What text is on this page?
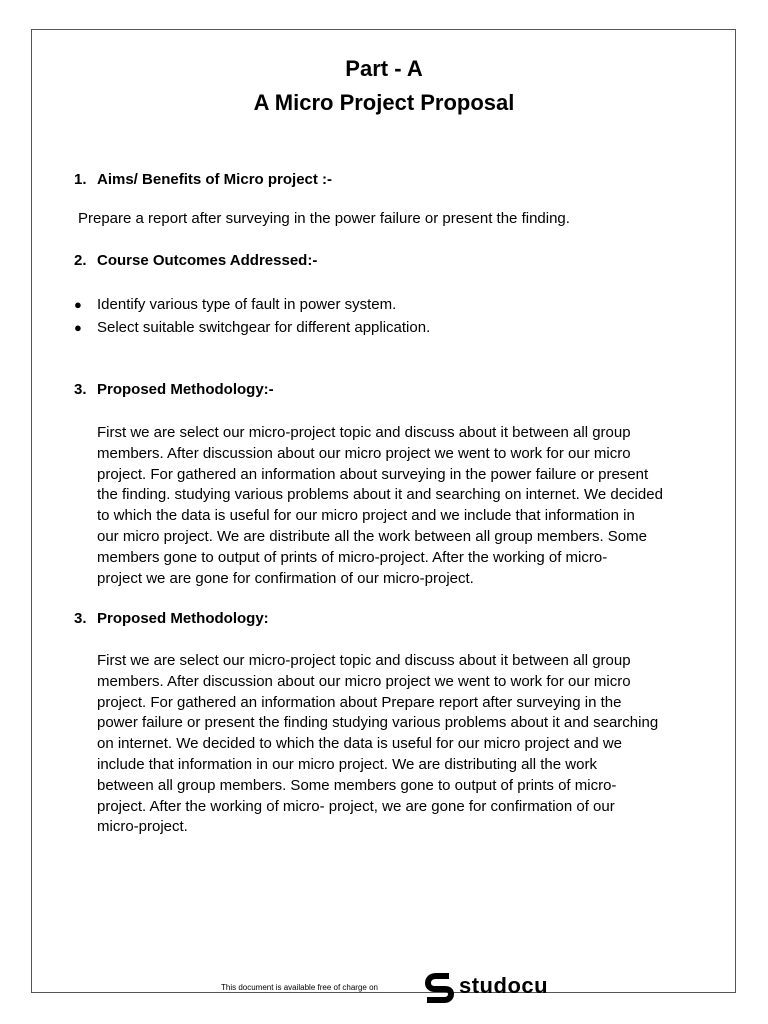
Part - A
A Micro Project Proposal
1. Aims/ Benefits of Micro project :-
Prepare a report after surveying in the power failure or present the finding.
2. Course Outcomes Addressed:-
● Identify various type of fault in power system.
● Select suitable switchgear for different application.
3. Proposed Methodology:-
First we are select our micro-project topic and discuss about it between all group
members. After discussion about our micro project we went to work for our micro
project. For gathered an information about surveying in the power failure or present
the finding. studying various problems about it and searching on internet. We decided
to which the data is useful for our micro project and we include that information in
our micro project. We are distribute all the work between all group members. Some
members gone to output of prints of micro-project. After the working of micro-
project we are gone for confirmation of our micro-project.
3. Proposed Methodology:
First we are select our micro-project topic and discuss about it between all group
members. After discussion about our micro project we went to work for our micro
project. For gathered an information about Prepare report after surveying in the
power failure or present the finding studying various problems about it and searching
on internet. We decided to which the data is useful for our micro project and we
include that information in our micro project. We are distributing all the work
between all group members. Some members gone to output of prints of micro-
project. After the working of micro- project, we are gone for confirmation of our
micro-project.
This document is available free of charge on	studocu
